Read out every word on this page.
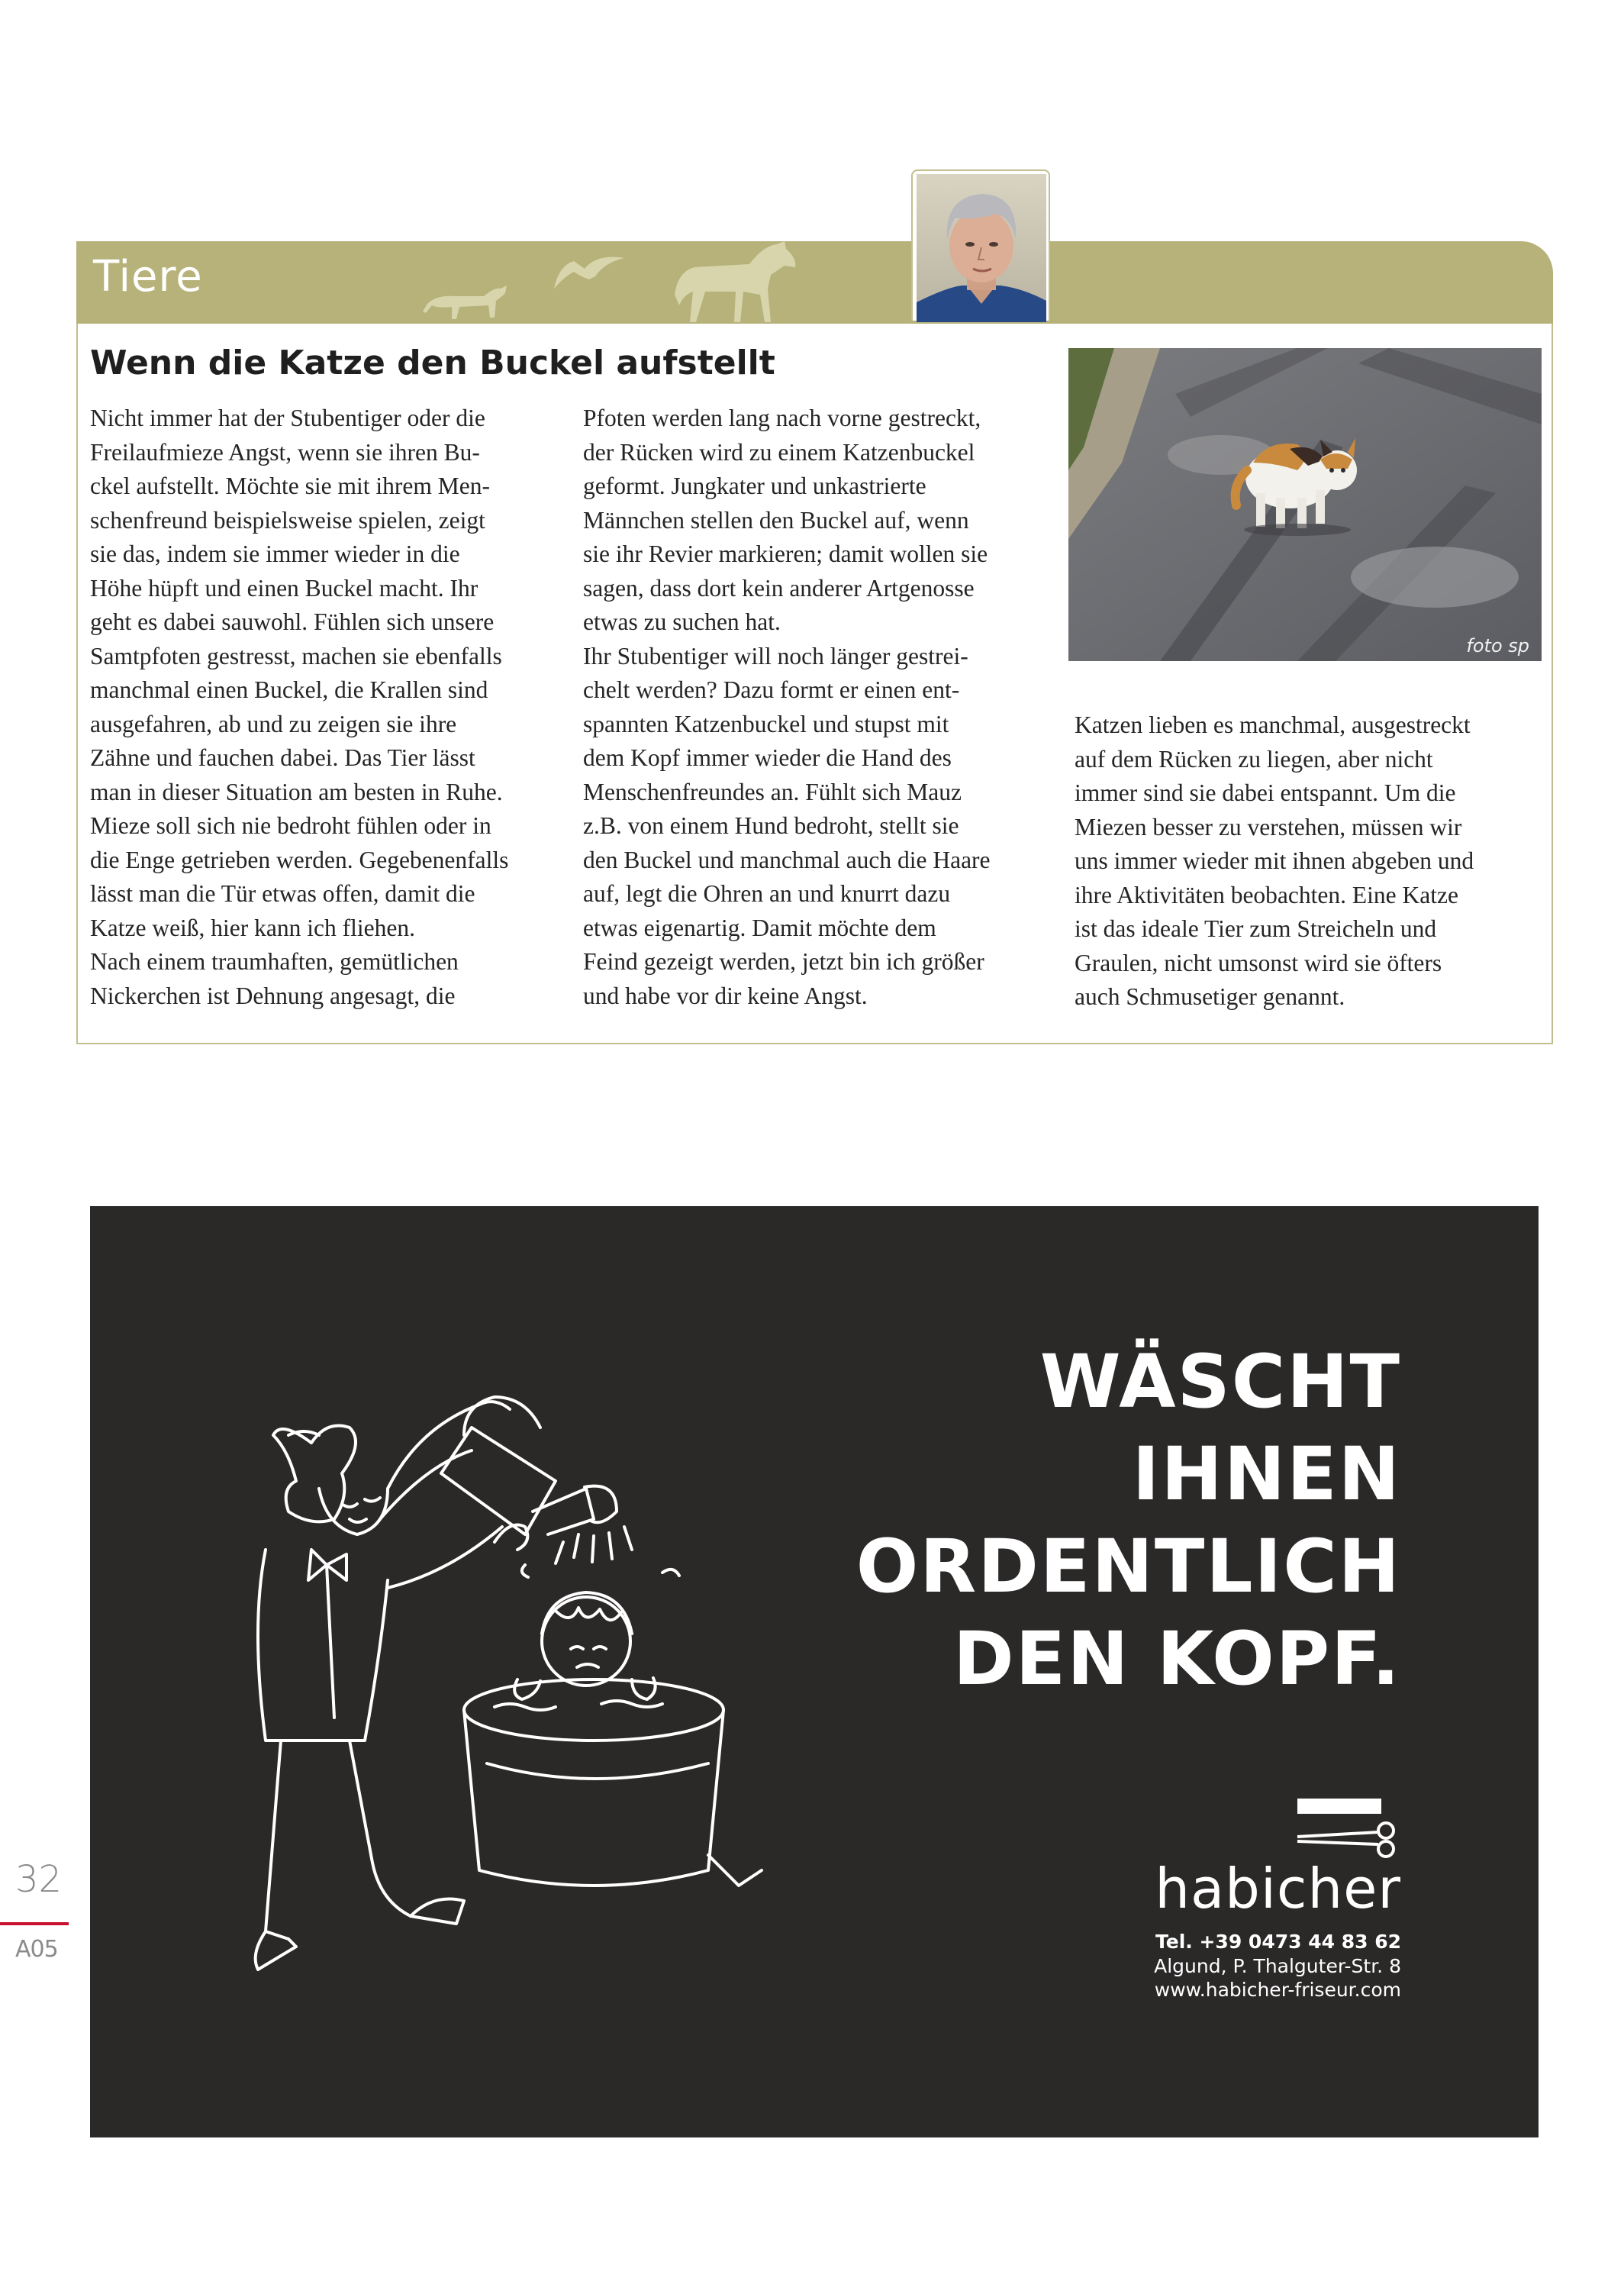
Tiere
Wenn die Katze den Buckel aufstellt

Nicht immer hat der Stubentiger oder die
Freilaufmieze Angst, wenn sie ihren Bu-
ckel aufstellt. Möchte sie mit ihrem Men-
schenfreund beispielsweise spielen, zeigt
sie das, indem sie immer wieder in die
Höhe hüpft und einen Buckel macht. Ihr
geht es dabei sauwohl. Fühlen sich unsere
Samtpfoten gestresst, machen sie ebenfalls
manchmal einen Buckel, die Krallen sind
ausgefahren, ab und zu zeigen sie ihre
Zähne und fauchen dabei. Das Tier lässt
man in dieser Situation am besten in Ruhe.
Mieze soll sich nie bedroht fühlen oder in
die Enge getrieben werden. Gegebenenfalls
lässt man die Tür etwas offen, damit die
Katze weiß, hier kann ich fliehen.
Nach einem traumhaften, gemütlichen
Nickerchen ist Dehnung angesagt, die

Pfoten werden lang nach vorne gestreckt,
der Rücken wird zu einem Katzenbuckel
geformt. Jungkater und unkastrierte
Männchen stellen den Buckel auf, wenn
sie ihr Revier markieren; damit wollen sie
sagen, dass dort kein anderer Artgenosse
etwas zu suchen hat.
Ihr Stubentiger will noch länger gestrei-
chelt werden? Dazu formt er einen ent-
spannten Katzenbuckel und stupst mit
dem Kopf immer wieder die Hand des
Menschenfreundes an. Fühlt sich Mauz
z.B. von einem Hund bedroht, stellt sie
den Buckel und manchmal auch die Haare
auf, legt die Ohren an und knurrt dazu
etwas eigenartig. Damit möchte dem
Feind gezeigt werden, jetzt bin ich größer
und habe vor dir keine Angst.

foto sp

Katzen lieben es manchmal, ausgestreckt
auf dem Rücken zu liegen, aber nicht
immer sind sie dabei entspannt. Um die
Miezen besser zu verstehen, müssen wir
uns immer wieder mit ihnen abgeben und
ihre Aktivitäten beobachten. Eine Katze
ist das ideale Tier zum Streicheln und
Graulen, nicht umsonst wird sie öfters
auch Schmusetiger genannt.

32
A05
WÄSCHT
IHNEN
ORDENTLICH
DEN KOPF.
habicher
Tel. +39 0473 44 83 62
Algund, P. Thalguter-Str. 8
www.habicher-friseur.com
